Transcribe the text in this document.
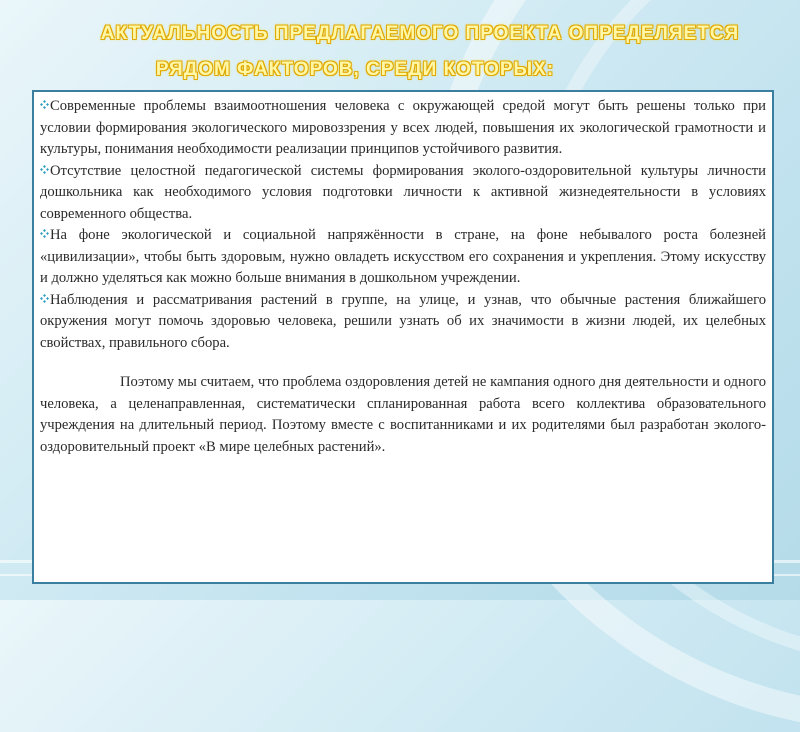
АКТУАЛЬНОСТЬ ПРЕДЛАГАЕМОГО ПРОЕКТА ОПРЕДЕЛЯЕТСЯ
РЯДОМ ФАКТОРОВ, СРЕДИ КОТОРЫХ:

Современные проблемы взаимоотношения человека с окружающей средой могут быть решены только при условии формирования экологического мировоззрения у всех людей, повышения их экологической грамотности и культуры, понимания необходимости реализации принципов устойчивого развития.

Отсутствие целостной педагогической системы формирования эколого-оздоровительной культуры личности дошкольника как необходимого условия подготовки личности к активной жизнедеятельности в условиях современного общества.

На фоне экологической и социальной напряжённости в стране, на фоне небывалого роста болезней «цивилизации», чтобы быть здоровым, нужно овладеть искусством его сохранения и укрепления. Этому искусству и должно уделяться как можно больше внимания в дошкольном учреждении.

Наблюдения и рассматривания растений в группе, на улице, и узнав, что обычные растения ближайшего окружения могут помочь здоровью человека, решили узнать об их значимости в жизни людей, их целебных свойствах, правильного сбора.

Поэтому мы считаем, что проблема оздоровления детей не кампания одного дня деятельности и одного человека, а целенаправленная, систематически спланированная работа всего коллектива образовательного учреждения на длительный период. Поэтому вместе с воспитанниками и их родителями был разработан эколого-оздоровительный проект «В мире целебных растений».
